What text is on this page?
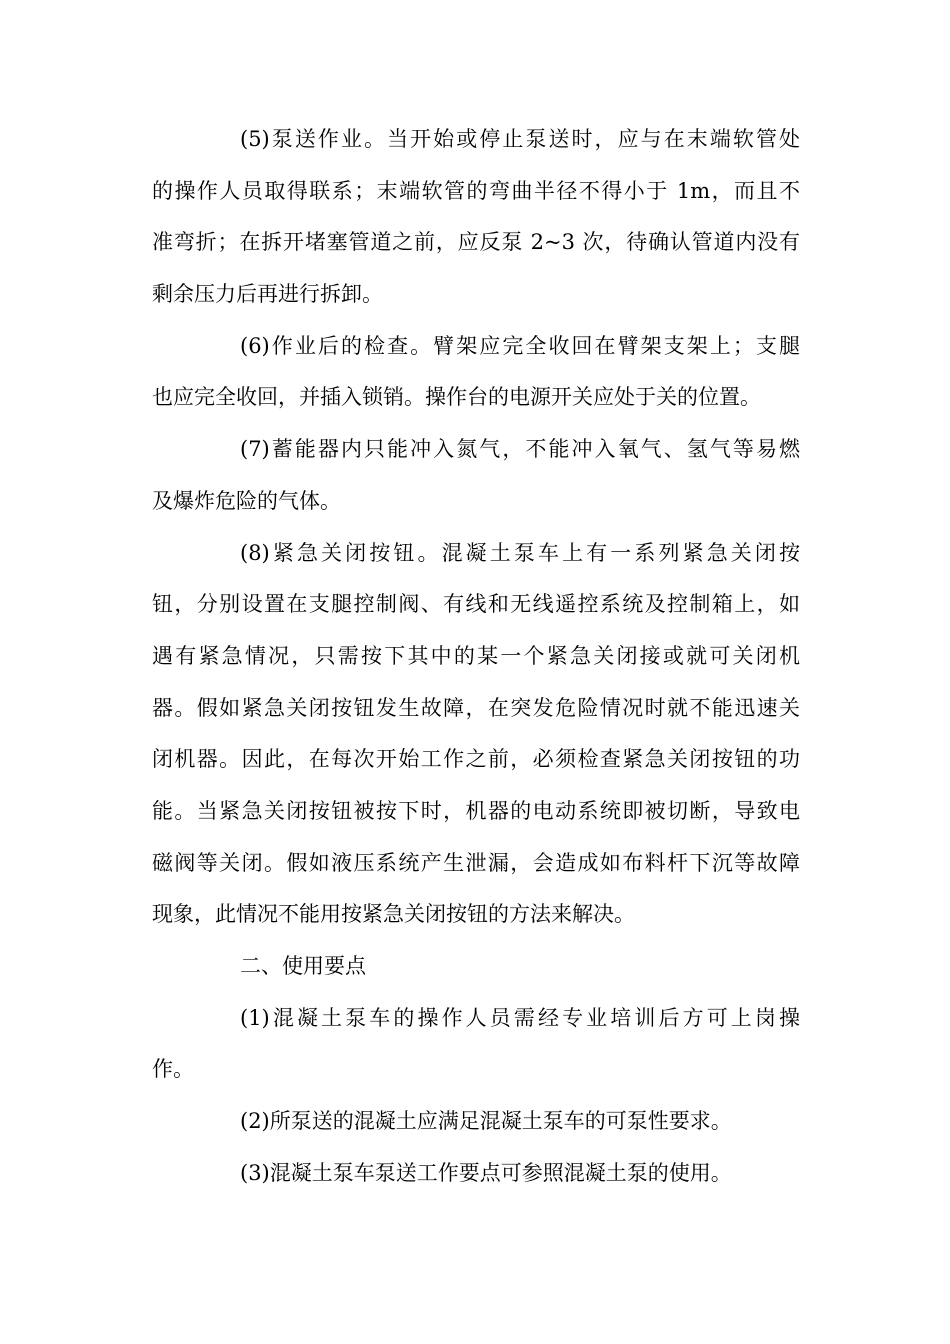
(5)泵送作业。当开始或停止泵送时，应与在末端软管处
的操作人员取得联系；末端软管的弯曲半径不得小于 1m，而且不
准弯折；在拆开堵塞管道之前，应反泵 2~3 次，待确认管道内没有
剩余压力后再进行拆卸。
(6)作业后的检查。臂架应完全收回在臂架支架上；支腿
也应完全收回，并插入锁销。操作台的电源开关应处于关的位置。
(7)蓄能器内只能冲入氮气，不能冲入氧气、氢气等易燃
及爆炸危险的气体。
(8)紧急关闭按钮。混凝土泵车上有一系列紧急关闭按
钮，分别设置在支腿控制阀、有线和无线遥控系统及控制箱上，如
遇有紧急情况，只需按下其中的某一个紧急关闭接或就可关闭机
器。假如紧急关闭按钮发生故障，在突发危险情况时就不能迅速关
闭机器。因此，在每次开始工作之前，必须检查紧急关闭按钮的功
能。当紧急关闭按钮被按下时，机器的电动系统即被切断，导致电
磁阀等关闭。假如液压系统产生泄漏，会造成如布料杆下沉等故障
现象，此情况不能用按紧急关闭按钮的方法来解决。
二、使用要点
(1)混凝土泵车的操作人员需经专业培训后方可上岗操
作。
(2)所泵送的混凝土应满足混凝土泵车的可泵性要求。
(3)混凝土泵车泵送工作要点可参照混凝土泵的使用。
